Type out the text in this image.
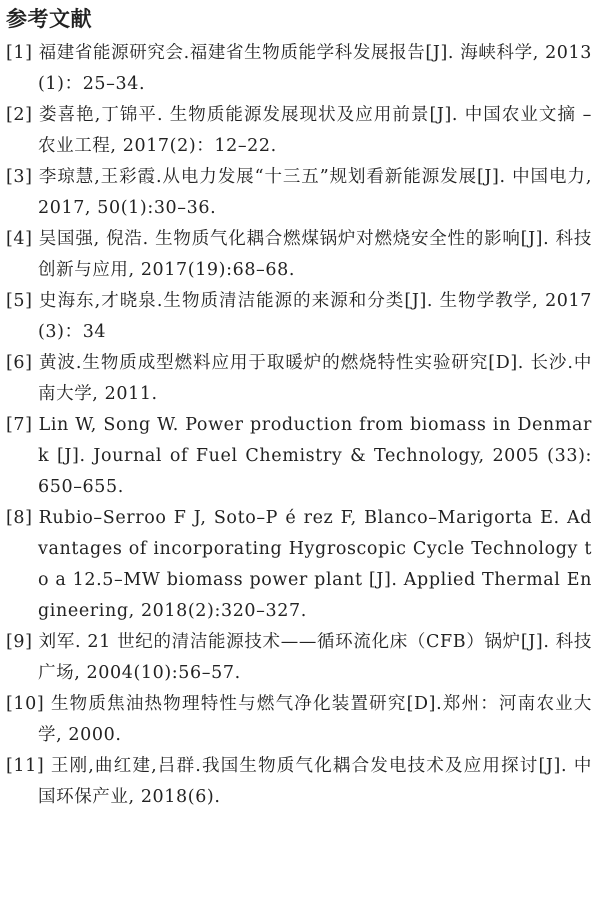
参考文献
[1] 福建省能源研究会.福建省生物质能学科发展报告[J]. 海峡科学, 2013(1)：25–34.
[2] 娄喜艳,丁锦平. 生物质能源发展现状及应用前景[J]. 中国农业文摘 – 农业工程, 2017(2)：12–22.
[3] 李琼慧,王彩霞.从电力发展“十三五”规划看新能源发展[J]. 中国电力, 2017, 50(1):30–36.
[4] 吴国强, 倪浩. 生物质气化耦合燃煤锅炉对燃烧安全性的影响[J]. 科技创新与应用, 2017(19):68–68.
[5] 史海东,才晓泉.生物质清洁能源的来源和分类[J]. 生物学教学, 2017(3)：34
[6] 黄波.生物质成型燃料应用于取暖炉的燃烧特性实验研究[D]. 长沙.中南大学, 2011.
[7] Lin W, Song W. Power production from biomass in Denmark [J]. Journal of Fuel Chemistry & Technology, 2005 (33): 650–655.
[8] Rubio–Serroo F J, Soto–P é rez F, Blanco–Marigorta E. Advantages of incorporating Hygroscopic Cycle Technology to a 12.5–MW biomass power plant [J]. Applied Thermal Engineering, 2018(2):320–327.
[9] 刘军. 21 世纪的清洁能源技术——循环流化床（CFB）锅炉[J]. 科技广场, 2004(10):56–57.
[10] 生物质焦油热物理特性与燃气净化装置研究[D].郑州：河南农业大学, 2000.
[11] 王刚,曲红建,吕群.我国生物质气化耦合发电技术及应用探讨[J]. 中国环保产业, 2018(6).
